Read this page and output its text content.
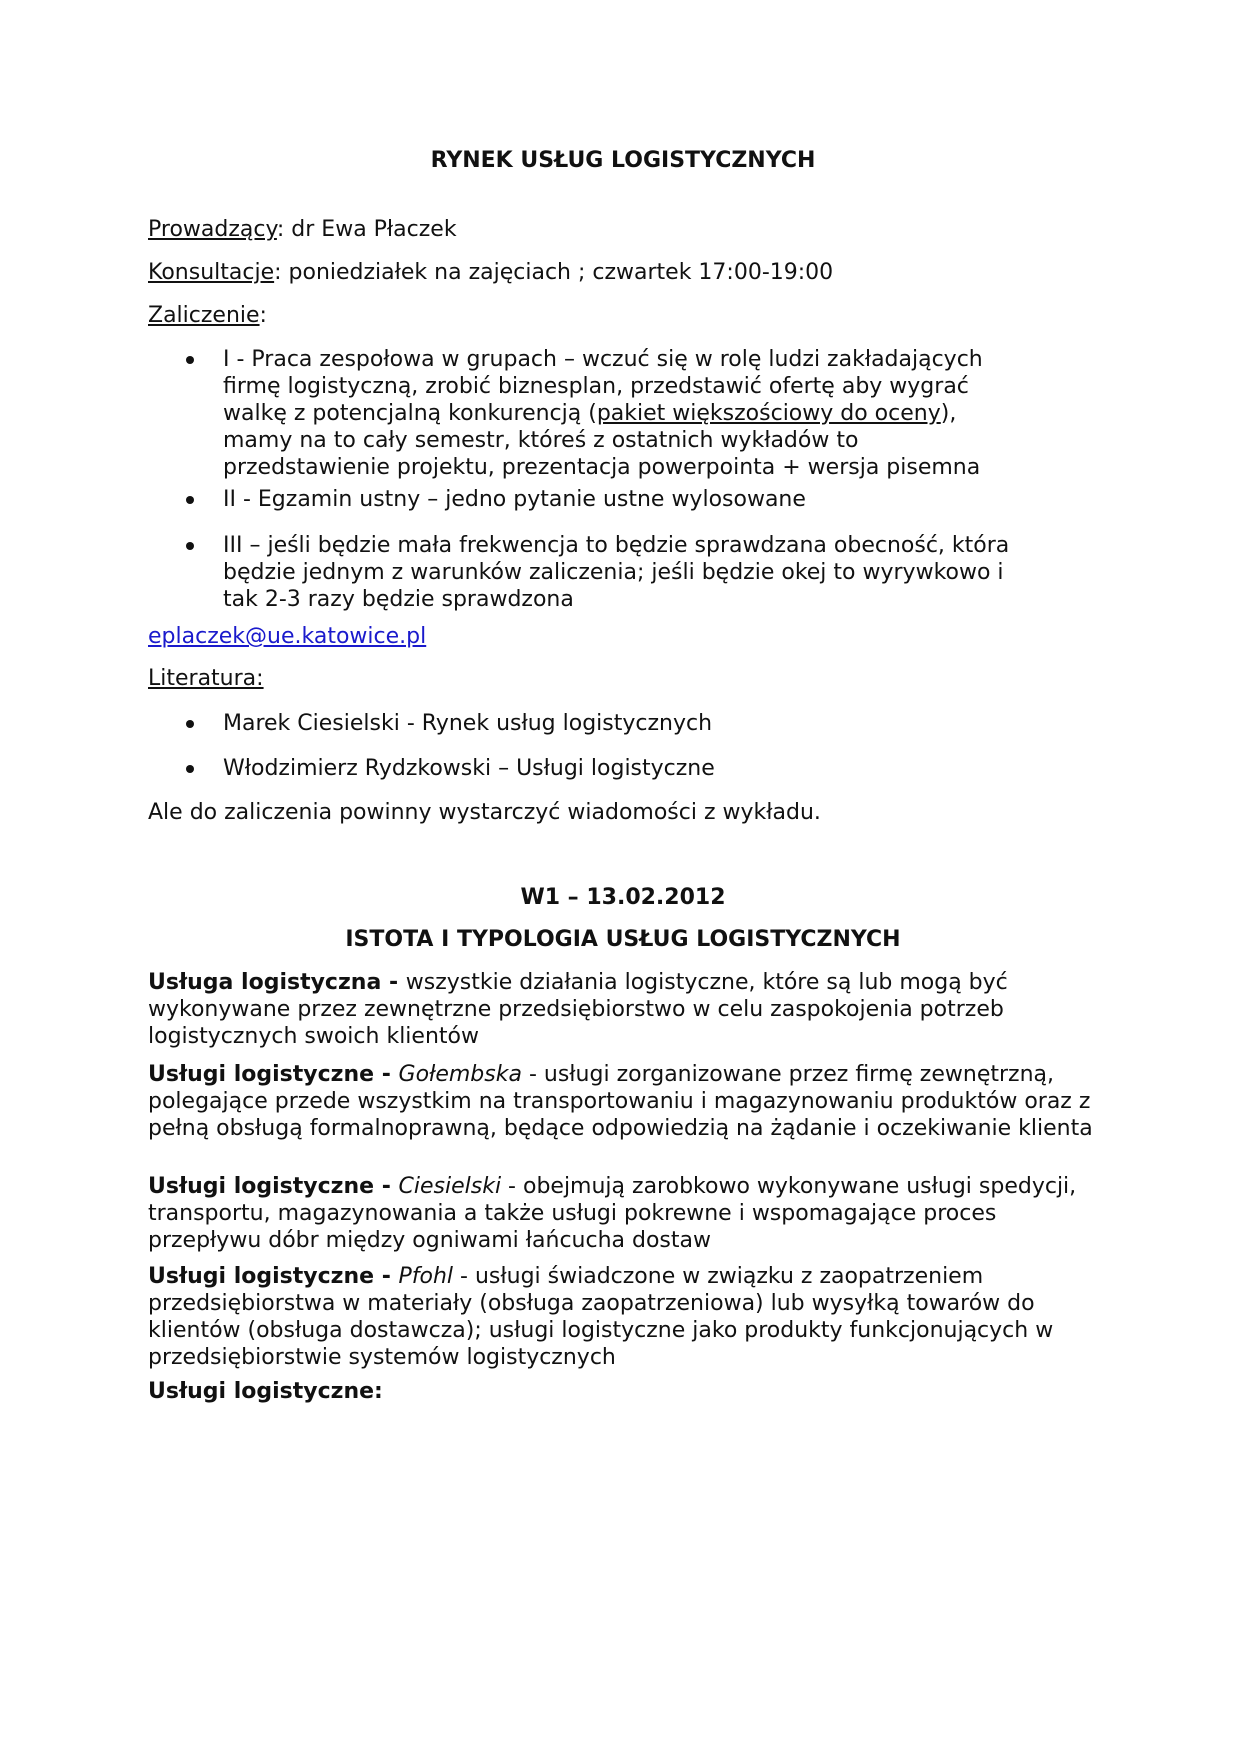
RYNEK USŁUG LOGISTYCZNYCH
Prowadzący: dr Ewa Płaczek
Konsultacje: poniedziałek na zajęciach ; czwartek 17:00-19:00
Zaliczenie:
I - Praca zespołowa w grupach – wczuć się w rolę ludzi zakładających firmę logistyczną, zrobić biznesplan, przedstawić ofertę aby wygrać walkę z potencjalną konkurencją (pakiet większościowy do oceny), mamy na to cały semestr, któreś z ostatnich wykładów to przedstawienie projektu, prezentacja powerpointa + wersja pisemna
II - Egzamin ustny – jedno pytanie ustne wylosowane
III – jeśli będzie mała frekwencja to będzie sprawdzana obecność, która będzie jednym z warunków zaliczenia; jeśli będzie okej to wyrywkowo i tak 2-3 razy będzie sprawdzona
eplaczek@ue.katowice.pl
Literatura:
Marek Ciesielski - Rynek usług logistycznych
Włodzimierz Rydzkowski – Usługi logistyczne
Ale do zaliczenia powinny wystarczyć wiadomości z wykładu.
W1 – 13.02.2012
ISTOTA I TYPOLOGIA USŁUG LOGISTYCZNYCH
Usługa logistyczna - wszystkie działania logistyczne, które są lub mogą być wykonywane przez zewnętrzne przedsiębiorstwo w celu zaspokojenia potrzeb logistycznych swoich klientów
Usługi logistyczne - Gołembska - usługi zorganizowane przez firmę zewnętrzną, polegające przede wszystkim na transportowaniu i magazynowaniu produktów oraz z pełną obsługą formalnoprawną, będące odpowiedzią na żądanie i oczekiwanie klienta
Usługi logistyczne - Ciesielski - obejmują zarobkowo wykonywane usługi spedycji, transportu, magazynowania a także usługi pokrewne i wspomagające proces przepływu dóbr między ogniwami łańcucha dostaw
Usługi logistyczne - Pfohl - usługi świadczone w związku z zaopatrzeniem przedsiębiorstwa w materiały (obsługa zaopatrzeniowa) lub wysyłką towarów do klientów (obsługa dostawcza); usługi logistyczne jako produkty funkcjonujących w przedsiębiorstwie systemów logistycznych
Usługi logistyczne:
